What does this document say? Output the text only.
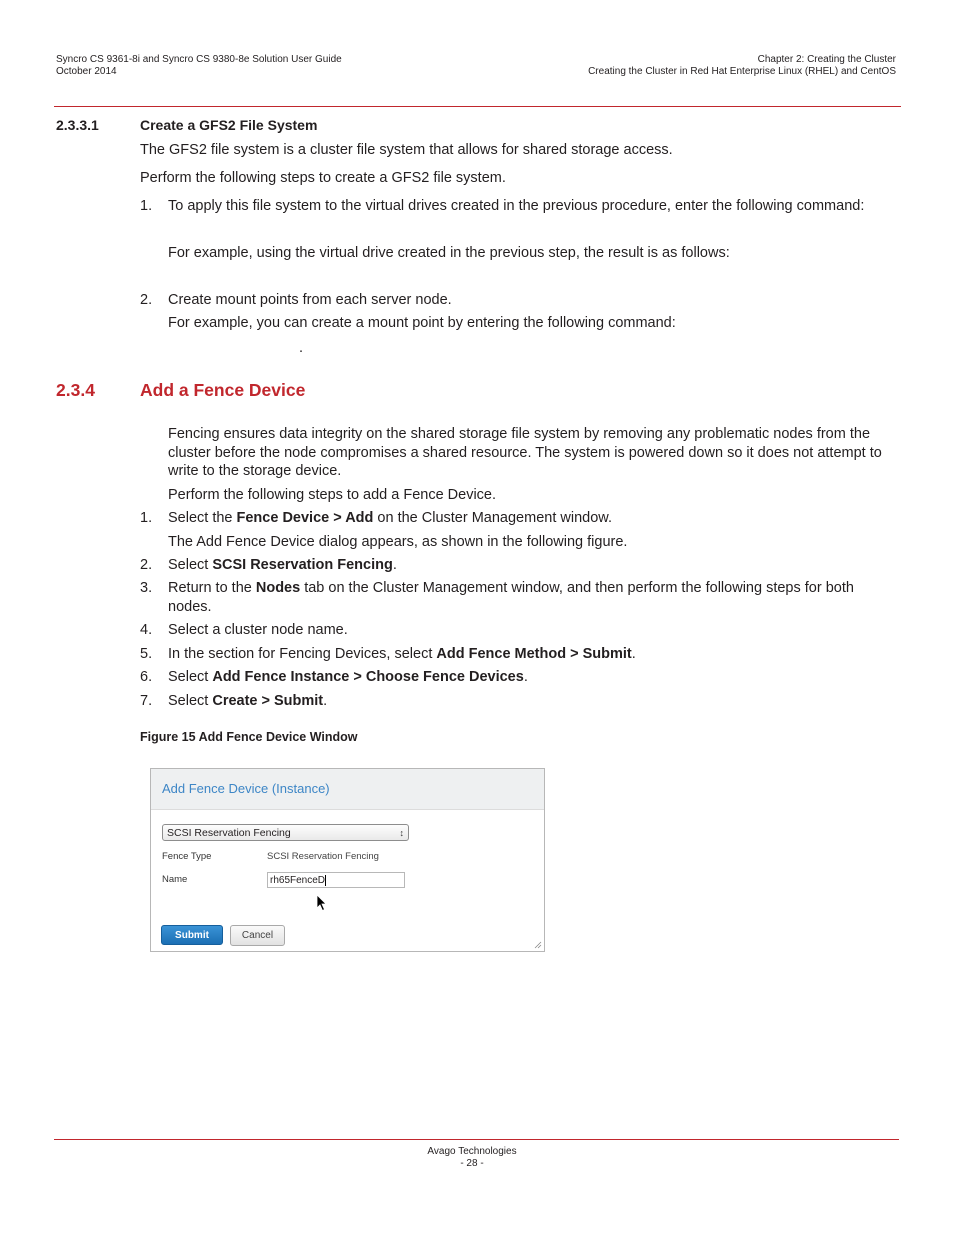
Syncro CS 9361-8i and Syncro CS 9380-8e Solution User Guide
October 2014
Chapter 2: Creating the Cluster
Creating the Cluster in Red Hat Enterprise Linux (RHEL) and CentOS
2.3.3.1	Create a GFS2 File System
The GFS2 file system is a cluster file system that allows for shared storage access.
Perform the following steps to create a GFS2 file system.
1. To apply this file system to the virtual drives created in the previous procedure, enter the following command:
For example, using the virtual drive created in the previous step, the result is as follows:
2. Create mount points from each server node.
For example, you can create a mount point by entering the following command:
.
2.3.4	Add a Fence Device
Fencing ensures data integrity on the shared storage file system by removing any problematic nodes from the cluster before the node compromises a shared resource. The system is powered down so it does not attempt to write to the storage device.
Perform the following steps to add a Fence Device.
1. Select the Fence Device > Add on the Cluster Management window.
The Add Fence Device dialog appears, as shown in the following figure.
2. Select SCSI Reservation Fencing.
3. Return to the Nodes tab on the Cluster Management window, and then perform the following steps for both nodes.
4. Select a cluster node name.
5. In the section for Fencing Devices, select Add Fence Method > Submit.
6. Select Add Fence Instance > Choose Fence Devices.
7. Select Create > Submit.
Figure 15 Add Fence Device Window
Add Fence Device (Instance)
SCSI Reservation Fencing	↕
Fence Type	SCSI Reservation Fencing
Name	rh65FenceD
Submit	Cancel
Avago Technologies
- 28 -
